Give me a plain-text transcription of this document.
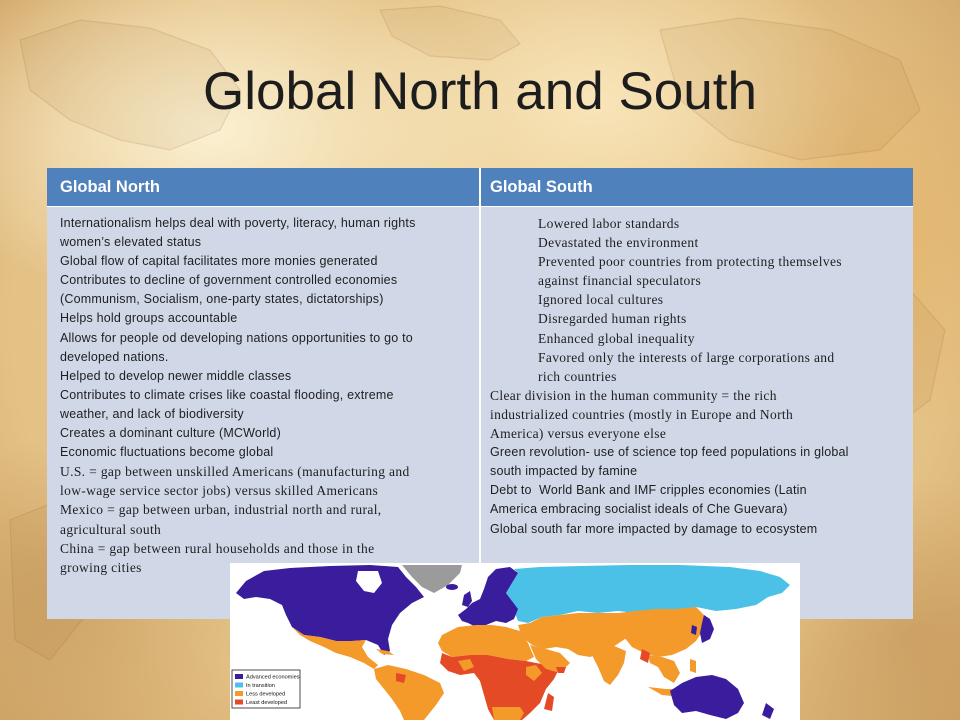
Global North and South
Global North	Global South
Internationalism helps deal with poverty, literacy, human rights
women’s elevated status
Global flow of capital facilitates more monies generated
Contributes to decline of government controlled economies
(Communism, Socialism, one-party states, dictatorships)
Helps hold groups accountable
Allows for people od developing nations opportunities to go to
developed nations.
Helped to develop newer middle classes
Contributes to climate crises like coastal flooding, extreme
weather, and lack of biodiversity
Creates a dominant culture (MCWorld)
Economic fluctuations become global
U.S. = gap between unskilled Americans (manufacturing and
low-wage service sector jobs) versus skilled Americans
Mexico = gap between urban, industrial north and rural,
agricultural south
China = gap between rural households and those in the
growing cities
Lowered labor standards
Devastated the environment
Prevented poor countries from protecting themselves
against financial speculators
Ignored local cultures
Disregarded human rights
Enhanced global inequality
Favored only the interests of large corporations and
rich countries
Clear division in the human community = the rich
industrialized countries (mostly in Europe and North
America) versus everyone else
Green revolution- use of science top feed populations in global
south impacted by famine
Debt to  World Bank and IMF cripples economies (Latin
America embracing socialist ideals of Che Guevara)
Global south far more impacted by damage to ecosystem
Advanced economies
In transition
Less developed
Least developed
